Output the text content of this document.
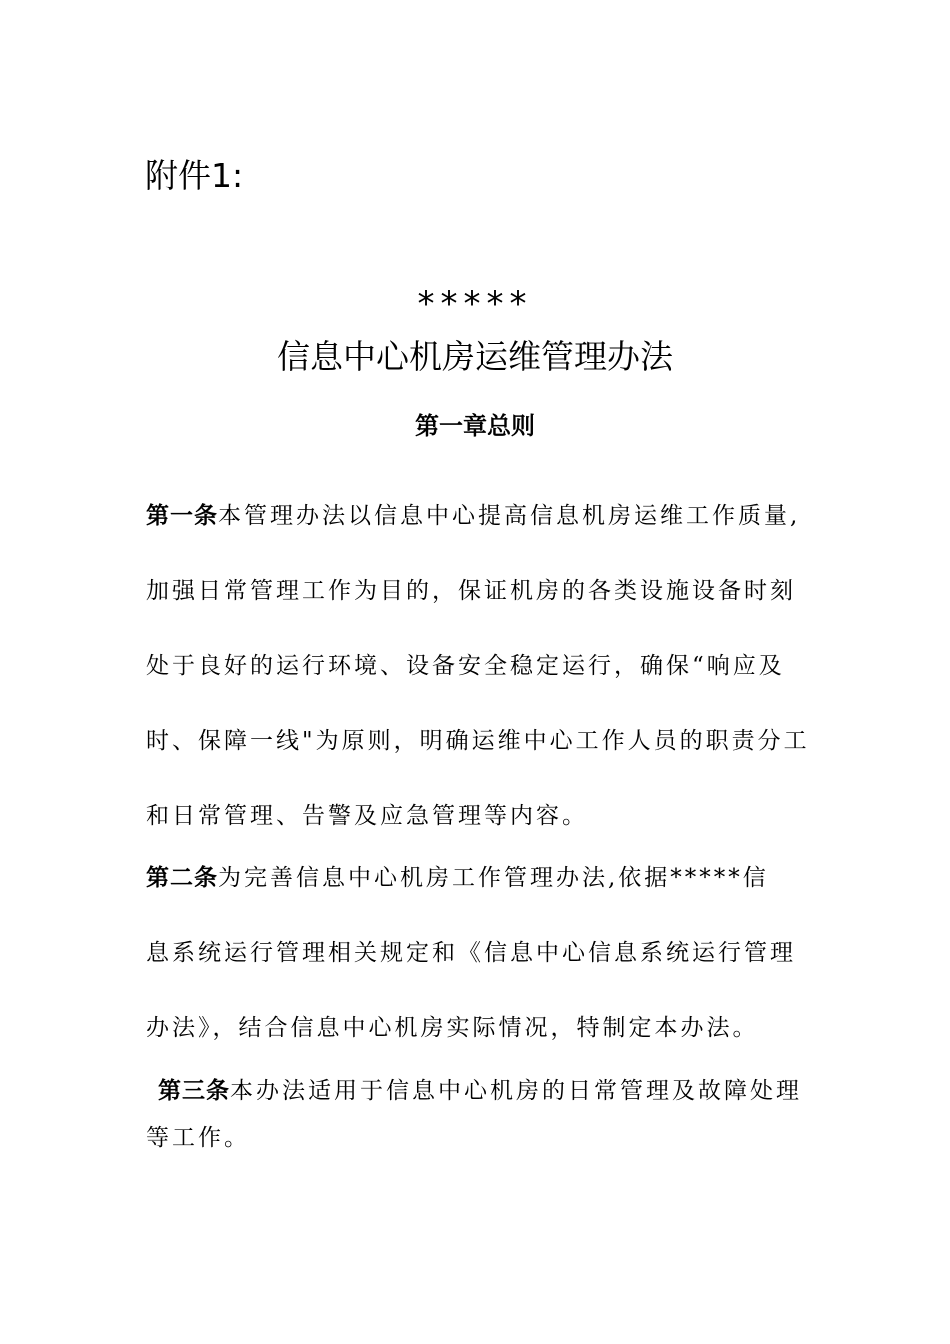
附件1:
*****
信息中心机房运维管理办法
第一章总则
第一条本管理办法以信息中心提高信息机房运维工作质量,
加强日常管理工作为目的，保证机房的各类设施设备时刻
处于良好的运行环境、设备安全稳定运行，确保“响应及
时、保障一线"为原则，明确运维中心工作人员的职责分工
和日常管理、告警及应急管理等内容。
第二条为完善信息中心机房工作管理办法,依据*****信
息系统运行管理相关规定和《信息中心信息系统运行管理
办法》，结合信息中心机房实际情况，特制定本办法。
第三条本办法适用于信息中心机房的日常管理及故障处理
等工作。
